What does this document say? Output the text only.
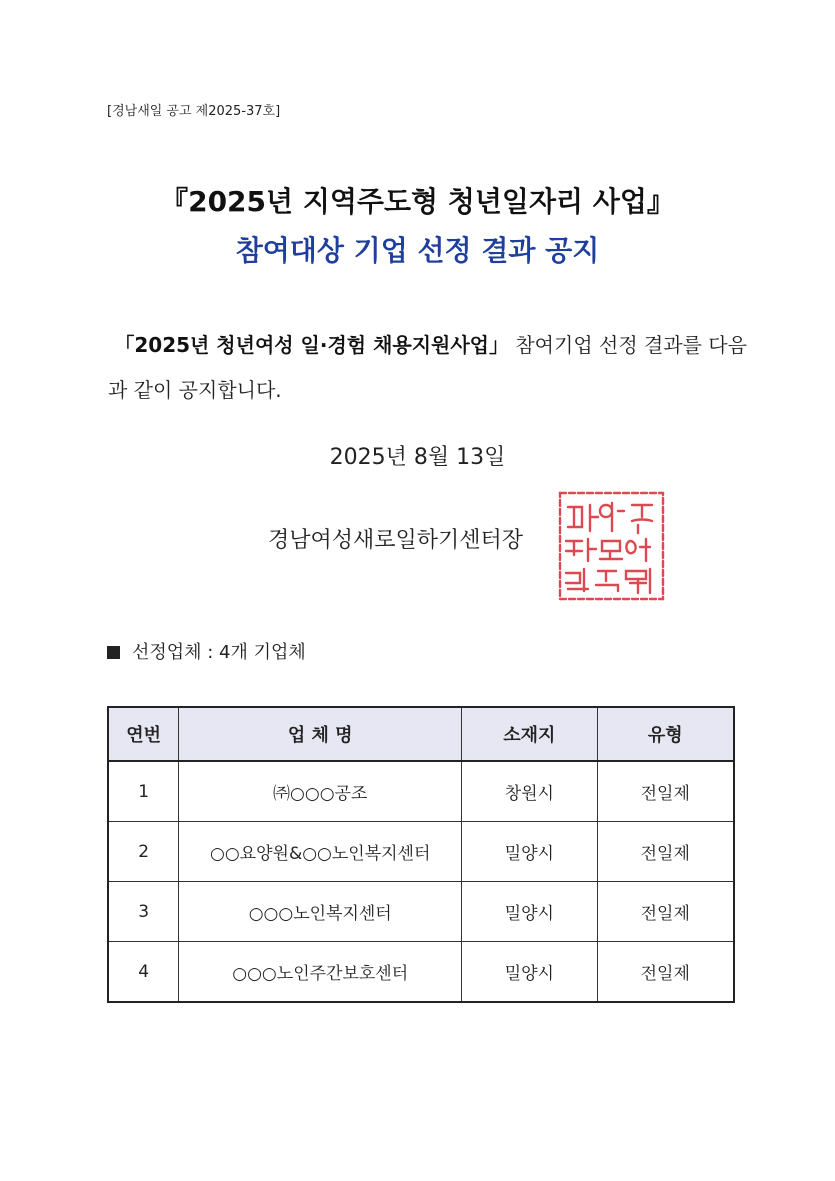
[경남새일 공고 제2025-37호]
『2025년 지역주도형 청년일자리 사업』
참여대상 기업 선정 결과 공지
「2025년 청년여성 일·경험 채용지원사업」 참여기업 선정 결과를 다음과 같이 공지합니다.
2025년 8월 13일
경남여성새로일하기센터장
선정업체 : 4개 기업체
연번	업 체 명	소재지	유형
1	㈜○○○공조	창원시	전일제
2	○○요양원&○○노인복지센터	밀양시	전일제
3	○○○노인복지센터	밀양시	전일제
4	○○○노인주간보호센터	밀양시	전일제
